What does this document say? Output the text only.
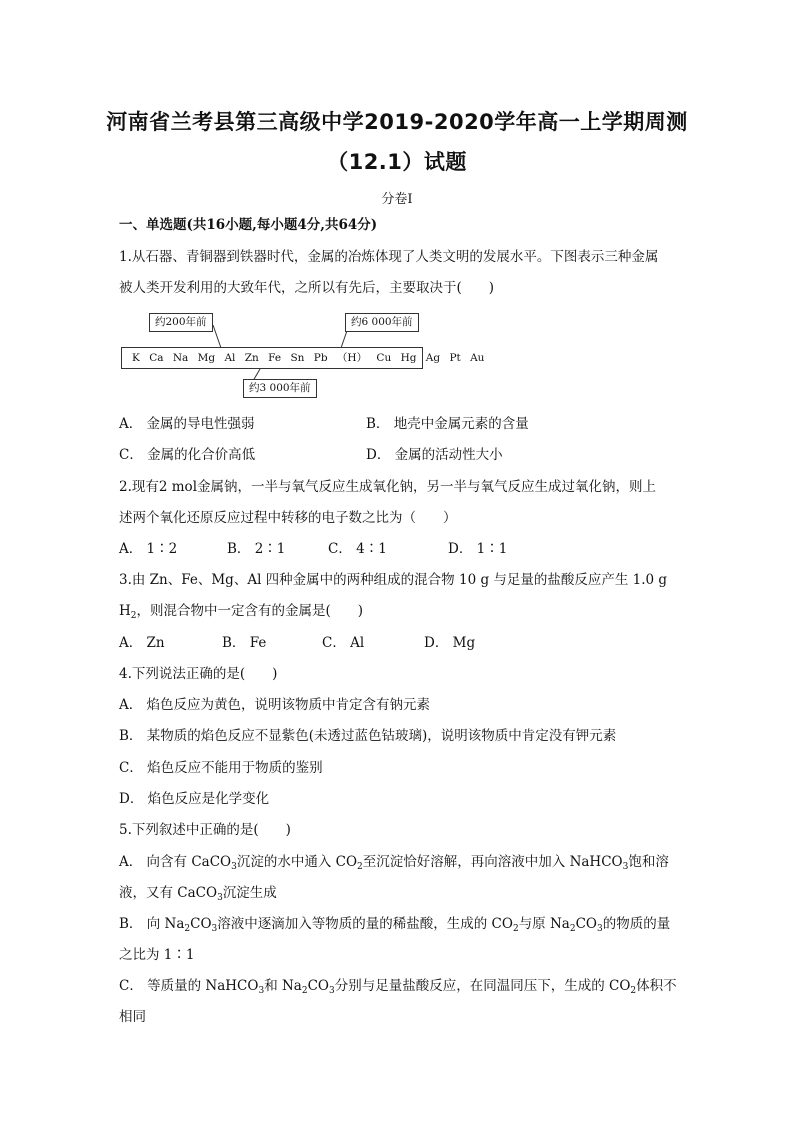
河南省兰考县第三高级中学2019-2020学年高一上学期周测
（12.1）试题
分卷I
一、单选题(共16小题,每小题4分,共64分)
1.从石器、青铜器到铁器时代，金属的冶炼体现了人类文明的发展水平。下图表示三种金属
被人类开发利用的大致年代，之所以有先后，主要取决于(　　)
K Ca Na Mg Al Zn Fe Sn Pb （H） Cu Hg Ag Pt Au
约200年前	约6 000年前
约3 000年前
A． 金属的导电性强弱	B． 地壳中金属元素的含量
C． 金属的化合价高低	D． 金属的活动性大小
2.现有2 mol金属钠，一半与氧气反应生成氧化钠，另一半与氧气反应生成过氧化钠，则上
述两个氧化还原反应过程中转移的电子数之比为（　　）
A． 1∶2	B． 2∶1	C． 4∶1	D． 1∶1
3.由 Zn、Fe、Mg、Al 四种金属中的两种组成的混合物 10 g 与足量的盐酸反应产生 1.0 g
$H_2$，则混合物中一定含有的金属是(　　)
A． Zn	B． Fe	C． Al	D． Mg
4.下列说法正确的是(　　)
A． 焰色反应为黄色，说明该物质中肯定含有钠元素
B． 某物质的焰色反应不显紫色(未透过蓝色钴玻璃)，说明该物质中肯定没有钾元素
C． 焰色反应不能用于物质的鉴别
D． 焰色反应是化学变化
5.下列叙述中正确的是(　　)
A． 向含有 CaCO$_3$沉淀的水中通入 $CO_2$至沉淀恰好溶解，再向溶液中加入 NaHCO$_3$饱和溶
液，又有 CaCO$_3$沉淀生成
B． 向 $Na_2CO_3$溶液中逐滴加入等物质的量的稀盐酸，生成的 $CO_2$与原 $Na_2CO_3$的物质的量
之比为 1∶1
C． 等质量的 NaHCO$_3$和 $Na_2CO_3$分别与足量盐酸反应，在同温同压下，生成的 $CO_2$体积不
相同
